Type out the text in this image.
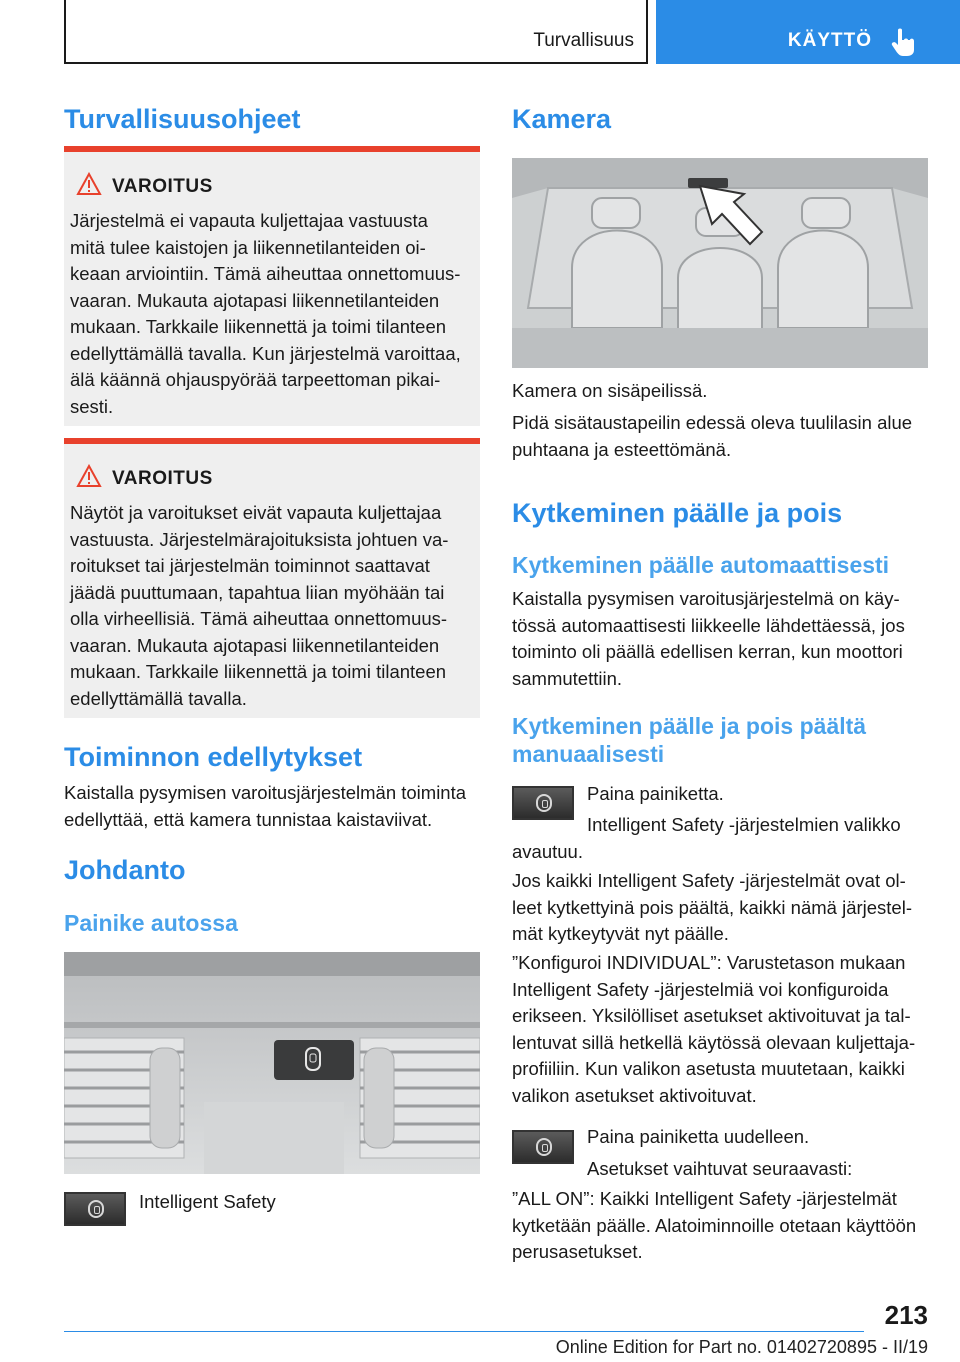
Turvallisuus	KÄYTTÖ
Turvallisuusohjeet
VAROITUS
Järjestelmä ei vapauta kuljettajaa vastuusta
mitä tulee kaistojen ja liikennetilanteiden oi-
keaan arviointiin. Tämä aiheuttaa onnettomuus-
vaaran. Mukauta ajotapasi liikennetilanteiden
mukaan. Tarkkaile liikennettä ja toimi tilanteen
edellyttämällä tavalla. Kun järjestelmä varoittaa,
älä käännä ohjauspyörää tarpeettoman pikai-
sesti.
VAROITUS
Näytöt ja varoitukset eivät vapauta kuljettajaa
vastuusta. Järjestelmärajoituksista johtuen va-
roitukset tai järjestelmän toiminnot saattavat
jäädä puuttumaan, tapahtua liian myöhään tai
olla virheellisiä. Tämä aiheuttaa onnettomuus-
vaaran. Mukauta ajotapasi liikennetilanteiden
mukaan. Tarkkaile liikennettä ja toimi tilanteen
edellyttämällä tavalla.
Toiminnon edellytykset
Kaistalla pysymisen varoitusjärjestelmän toiminta
edellyttää, että kamera tunnistaa kaistaviivat.
Johdanto
Painike autossa
Intelligent Safety
Kamera
Kamera on sisäpeilissä.
Pidä sisätaustapeilin edessä oleva tuulilasin alue
puhtaana ja esteettömänä.
Kytkeminen päälle ja pois
Kytkeminen päälle automaattisesti
Kaistalla pysymisen varoitusjärjestelmä on käy-
tössä automaattisesti liikkeelle lähdettäessä, jos
toiminto oli päällä edellisen kerran, kun moottori
sammutettiin.
Kytkeminen päälle ja pois päältä
manuaalisesti
Paina painiketta.
Intelligent Safety -järjestelmien valikko
avautuu.
Jos kaikki Intelligent Safety -järjestelmät ovat ol-
leet kytkettyinä pois päältä, kaikki nämä järjestel-
mät kytkeytyvät nyt päälle.
”Konfiguroi INDIVIDUAL”: Varustetason mukaan
Intelligent Safety -järjestelmiä voi konfiguroida
erikseen. Yksilölliset asetukset aktivoituvat ja tal-
lentuvat sillä hetkellä käytössä olevaan kuljettaja-
profiiliin. Kun valikon asetusta muutetaan, kaikki
valikon asetukset aktivoituvat.
Paina painiketta uudelleen.
Asetukset vaihtuvat seuraavasti:
”ALL ON”: Kaikki Intelligent Safety -järjestelmät
kytketään päälle. Alatoiminnoille otetaan käyttöön
perusasetukset.
213
Online Edition for Part no. 01402720895 - II/19
